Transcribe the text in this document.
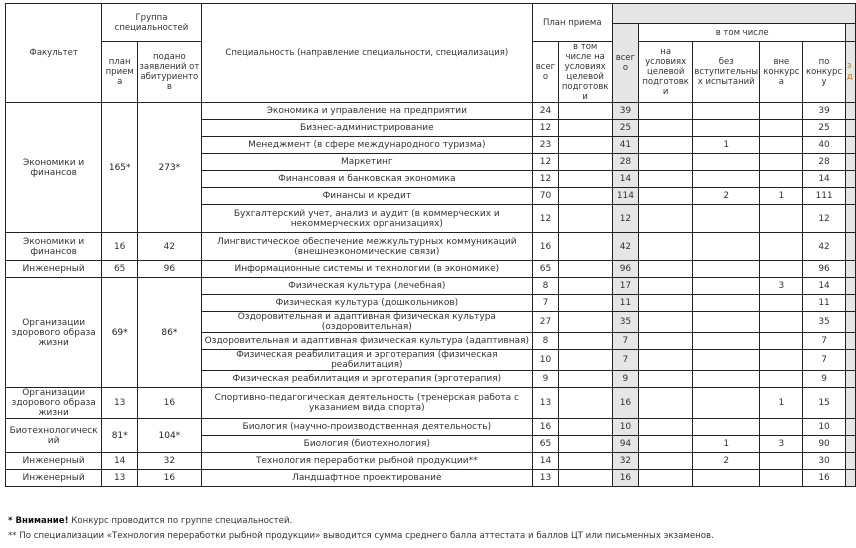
Факультет	Группа специальностей		Специальность (направление специальности, специализация)	План приема							
						всего	в том числе				
	план приема	подано заявлений от абитуриентов		всего	в том числе на условиях целевой подготовки		на условиях целевой подготовки	без вступительных испытаний	вне конкурса	по конкурсу	з д

Экономики и финансов	165*	273*	Экономика и управление на предприятии	24		39				39	
			Бизнес-администрирование	12		25				25	
			Менеджмент (в сфере международного туризма)	23		41		1		40	
			Маркетинг	12		28				28	
			Финансовая и банковская экономика	12		14				14	
			Финансы и кредит	70		114		2	1	111	
			Бухгалтерский учет, анализ и аудит (в коммерческих и некоммерческих организациях)	12		12				12	
Экономики и финансов	16	42	Лингвистическое обеспечение межкультурных коммуникаций (внешнеэкономические связи)	16		42				42	
Инженерный	65	96	Информационные системы и технологии (в экономике)	65		96				96	
Организации здорового образа жизни	69*	86*	Физическая культура (лечебная)	8		17			3	14	
			Физическая культура (дошкольников)	7		11				11	
			Оздоровительная и адаптивная физическая культура (оздоровительная)	27		35				35	
			Оздоровительная и адаптивная физическая культура (адаптивная)	8		7				7	
			Физическая реабилитация и эрготерапия (физическая реабилитация)	10		7				7	
			Физическая реабилитация и эрготерапия (эрготерапия)	9		9				9	
Организации здорового образа жизни	13	16	Спортивно-педагогическая деятельность (тренерская работа с указанием вида спорта)	13		16			1	15	
Биотехнологический	81*	104*	Биология (научно-производственная деятельность)	16		10				10	
			Биология (биотехнология)	65		94		1	3	90	
Инженерный	14	32	Технология переработки рыбной продукции**	14		32		2		30	
Инженерный	13	16	Ландшафтное проектирование	13		16				16	
* Внимание! Конкурс проводится по группе специальностей.
** По специализации «Технология переработки рыбной продукции» выводится сумма среднего балла аттестата и баллов ЦТ или письменных экзаменов.
